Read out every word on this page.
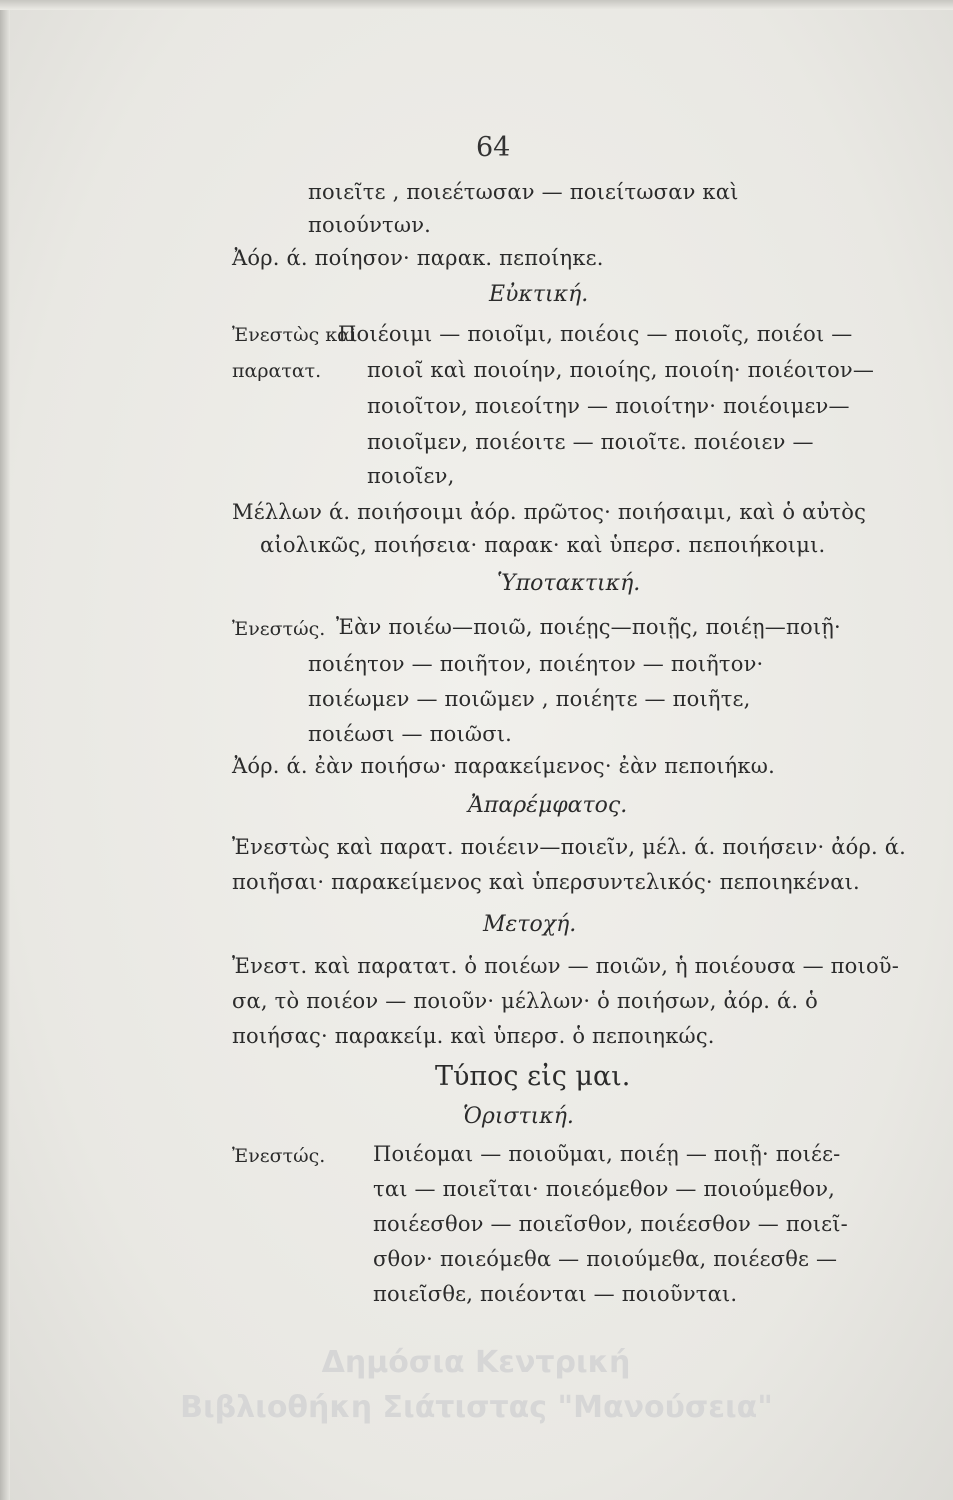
64
ποιεῖτε , ποιεέτωσαν — ποιείτωσαν καὶ
ποιούντων.
Ἀόρ. ά. ποίησον· παρακ. πεποίηκε.
Εὐκτική.
Ἐνεστὼς καὶ
παρατατ.
Ποιέοιμι — ποιοῖμι, ποιέοις — ποιοῖς, ποιέοι —
ποιοῖ καὶ ποιοίην, ποιοίης, ποιοίη· ποιέοιτον—
ποιοῖτον, ποιεοίτην — ποιοίτην· ποιέοιμεν—
ποιοῖμεν, ποιέοιτε — ποιοῖτε. ποιέοιεν —
ποιοῖεν,
Μέλλων ά. ποιήσοιμι ἀόρ. πρῶτος· ποιήσαιμι, καὶ ὁ αὐτὸς
αἰολικῶς, ποιήσεια· παρακ· καὶ ὑπερσ. πεποιήκοιμι.
Ὑποτακτική.
Ἐνεστώς. Ἐὰν ποιέω—ποιῶ, ποιέῃς—ποιῇς, ποιέῃ—ποιῇ·
ποιέητον — ποιῆτον, ποιέητον — ποιῆτον·
ποιέωμεν — ποιῶμεν , ποιέητε — ποιῆτε,
ποιέωσι — ποιῶσι.
Ἀόρ. ά. ἐὰν ποιήσω· παρακείμενος· ἐὰν πεποιήκω.
Ἀπαρέμφατος.
Ἐνεστὼς καὶ παρατ. ποιέειν—ποιεῖν, μέλ. ά. ποιήσειν· ἀόρ. ά.
ποιῆσαι· παρακείμενος καὶ ὑπερσυντελικός· πεποιηκέναι.
Μετοχή.
Ἐνεστ. καὶ παρατατ. ὁ ποιέων — ποιῶν, ἡ ποιέουσα — ποιοῦ-
σα, τὸ ποιέον — ποιοῦν· μέλλων· ὁ ποιήσων, ἀόρ. ά. ὁ
ποιήσας· παρακείμ. καὶ ὑπερσ. ὁ πεποιηκώς.
Τύπος εἰς μαι.
Ὁριστική.
Ἐνεστώς. Ποιέομαι — ποιοῦμαι, ποιέῃ — ποιῇ· ποιέε-
ται — ποιεῖται· ποιεόμεθον — ποιούμεθον,
ποιέεσθον — ποιεῖσθον, ποιέεσθον — ποιεῖ-
σθον· ποιεόμεθα — ποιούμεθα, ποιέεσθε —
ποιεῖσθε, ποιέονται — ποιοῦνται.
Δημόσια Κεντρική
Βιβλιοθήκη Σιάτιστας "Μανούσεια"
